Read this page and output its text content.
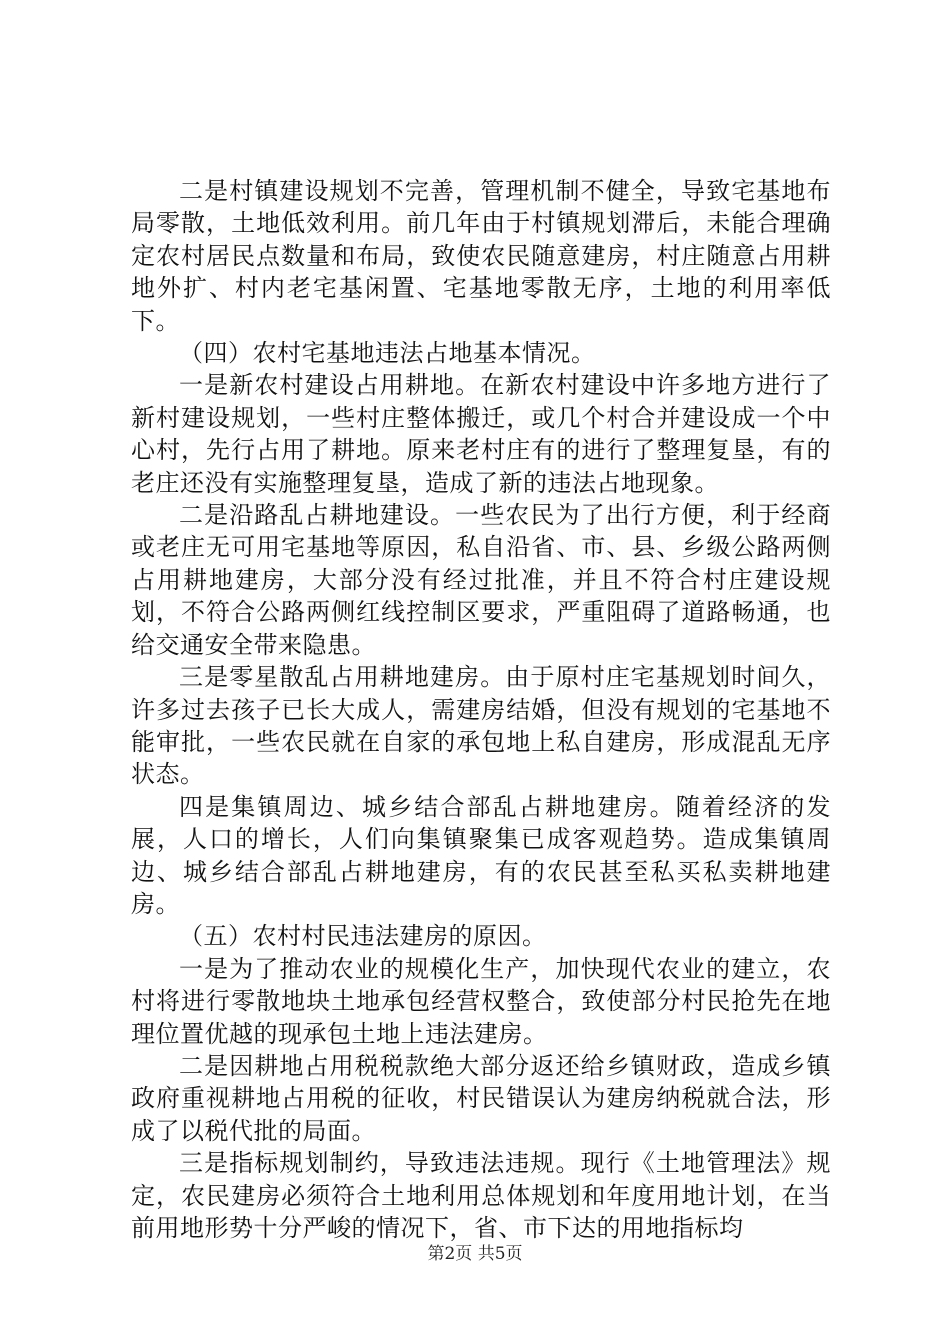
二是村镇建设规划不完善，管理机制不健全，导致宅基地布局零散，土地低效利用。前几年由于村镇规划滞后，未能合理确定农村居民点数量和布局，致使农民随意建房，村庄随意占用耕地外扩、村内老宅基闲置、宅基地零散无序，土地的利用率低下。

（四）农村宅基地违法占地基本情况。

一是新农村建设占用耕地。在新农村建设中许多地方进行了新村建设规划，一些村庄整体搬迁，或几个村合并建设成一个中心村，先行占用了耕地。原来老村庄有的进行了整理复垦，有的老庄还没有实施整理复垦，造成了新的违法占地现象。

二是沿路乱占耕地建设。一些农民为了出行方便，利于经商或老庄无可用宅基地等原因，私自沿省、市、县、乡级公路两侧占用耕地建房，大部分没有经过批准，并且不符合村庄建设规划，不符合公路两侧红线控制区要求，严重阻碍了道路畅通，也给交通安全带来隐患。

三是零星散乱占用耕地建房。由于原村庄宅基规划时间久，许多过去孩子已长大成人，需建房结婚，但没有规划的宅基地不能审批，一些农民就在自家的承包地上私自建房，形成混乱无序状态。

四是集镇周边、城乡结合部乱占耕地建房。随着经济的发展，人口的增长，人们向集镇聚集已成客观趋势。造成集镇周边、城乡结合部乱占耕地建房，有的农民甚至私买私卖耕地建房。

（五）农村村民违法建房的原因。

一是为了推动农业的规模化生产，加快现代农业的建立，农村将进行零散地块土地承包经营权整合，致使部分村民抢先在地理位置优越的现承包土地上违法建房。

二是因耕地占用税税款绝大部分返还给乡镇财政，造成乡镇政府重视耕地占用税的征收，村民错误认为建房纳税就合法，形成了以税代批的局面。

三是指标规划制约，导致违法违规。现行《土地管理法》规定，农民建房必须符合土地利用总体规划和年度用地计划，在当前用地形势十分严峻的情况下，省、市下达的用地指标均

第2页 共5页
